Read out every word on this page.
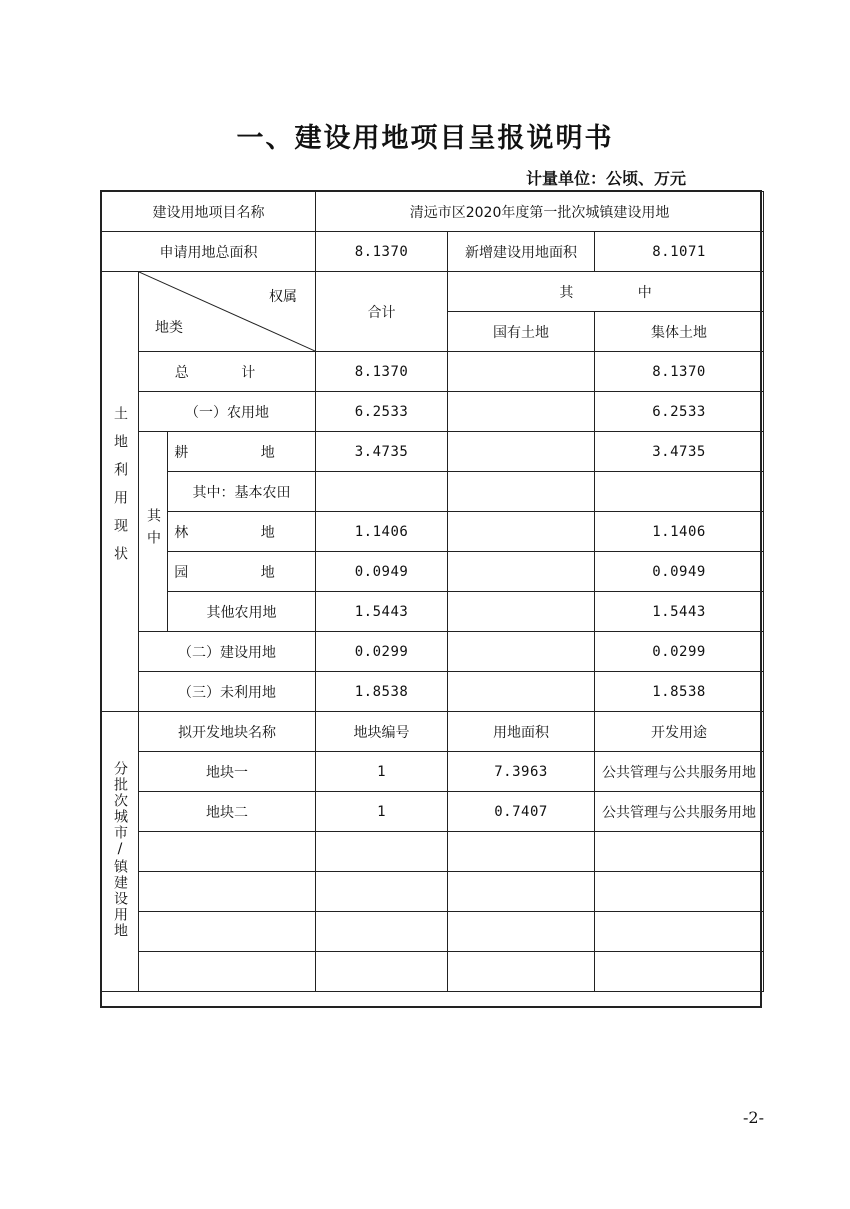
一、建设用地项目呈报说明书
计量单位：公顷、万元
建设用地项目名称			清远市区2020年度第一批次城镇建设用地		
申请用地总面积			8.1370	新增建设用地面积	8.1071
土地利用现状	权属
地类		合计	其 中	
				国有土地	集体土地
	总 计		8.1370		8.1370
	（一）农用地		6.2533		6.2533
	其中	耕 地	3.4735		3.4735
		其中：基本农田			
		林 地	1.1406		1.1406
		园 地	0.0949		0.0949
		其他农用地	1.5443		1.5443
	（二）建设用地		0.0299		0.0299
	（三）未利用地		1.8538		1.8538
分批次城市/镇建设用地	拟开发地块名称		地块编号	用地面积	开发用途
	地块一		1	7.3963	公共管理与公共服务用地
	地块二		1	0.7407	公共管理与公共服务用地

-2-
